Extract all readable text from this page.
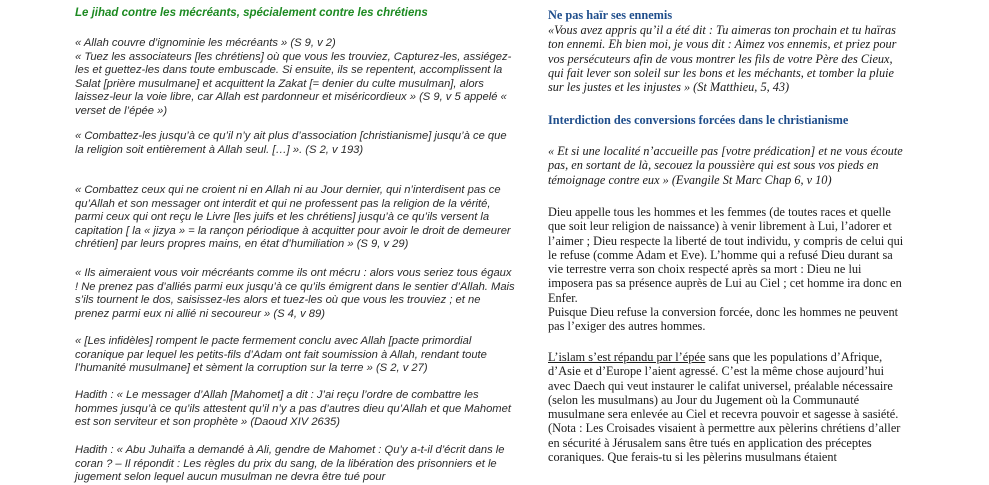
Le jihad contre les mécréants, spécialement contre les chrétiens

« Allah couvre d’ignominie les mécréants » (S 9, v 2)
« Tuez les associateurs [les chrétiens] où que vous les trouviez, Capturez-les, assiégez-les et guettez-les dans toute embuscade. Si ensuite, ils se repentent, accomplissent la Salat [prière musulmane] et acquittent la Zakat [= denier du culte musulman], alors laissez-leur la voie libre, car Allah est pardonneur et miséricordieux » (S 9, v 5 appelé « verset de l’épée »)

« Combattez-les jusqu’à ce qu’il n’y ait plus d’association [christianisme] jusqu’à ce que la religion soit entièrement à Allah seul. […] ». (S 2, v 193)

« Combattez ceux qui ne croient ni en Allah ni au Jour dernier, qui n’interdisent pas ce qu’Allah et son messager ont interdit et qui ne professent pas la religion de la vérité, parmi ceux qui ont reçu le Livre [les juifs et les chrétiens] jusqu’à ce qu’ils versent la capitation [ la « jizya » = la rançon périodique à acquitter pour avoir le droit de demeurer chrétien] par leurs propres mains, en état d’humiliation » (S 9, v 29)

« Ils aimeraient vous voir mécréants comme ils ont mécru : alors vous seriez tous égaux ! Ne prenez pas d’alliés parmi eux jusqu’à ce qu’ils émigrent dans le sentier d’Allah. Mais s’ils tournent le dos, saisissez-les alors et tuez-les où que vous les trouviez ; et ne prenez parmi eux ni allié ni secoureur » (S 4, v 89)

« [Les infidèles] rompent le pacte fermement conclu avec Allah [pacte primordial coranique par lequel les petits-fils d’Adam ont fait soumission à Allah, rendant toute l’humanité musulmane] et sèment la corruption sur la terre » (S 2, v 27)

Hadith : « Le messager d’Allah [Mahomet] a dit : J’ai reçu l’ordre de combattre les hommes jusqu’à ce qu’ils attestent qu’il n’y a pas d’autres dieu qu’Allah et que Mahomet est son serviteur et son prophète » (Daoud XIV 2635)

Hadith : « Abu Juhaïfa a demandé à Ali, gendre de Mahomet : Qu’y a-t-il d’écrit dans le coran ? – Il répondit : Les règles du prix du sang, de la libération des prisonniers et le jugement selon lequel aucun musulman ne devra être tué pour

Ne pas haïr ses ennemis

«Vous avez appris qu’il a été dit : Tu aimeras ton prochain et tu haïras ton ennemi. Eh bien moi, je vous dit : Aimez vos ennemis, et priez pour vos persécuteurs afin de vous montrer les fils de votre Père des Cieux, qui fait lever son soleil sur les bons et les méchants, et tomber la pluie sur les justes et les injustes » (St Matthieu, 5, 43)

Interdiction des conversions forcées dans le christianisme

« Et si une localité n’accueille pas [votre prédication] et ne vous écoute pas, en sortant de là, secouez la poussière qui est sous vos pieds en témoignage contre eux » (Evangile St Marc Chap 6, v 10)

Dieu appelle tous les hommes et les femmes (de toutes races et quelle que soit leur religion de naissance) à venir librement à Lui, l’adorer et l’aimer ; Dieu respecte la liberté de tout individu, y compris de celui qui le refuse (comme Adam et Eve). L’homme qui a refusé Dieu durant sa vie terrestre verra son choix respecté après sa mort : Dieu ne lui imposera pas sa présence auprès de Lui au Ciel ; cet homme ira donc en Enfer.
Puisque Dieu refuse la conversion forcée, donc les hommes ne peuvent pas l’exiger des autres hommes.

L’islam s’est répandu par l’épée sans que les populations d’Afrique, d’Asie et d’Europe l’aient agressé. C’est la même chose aujourd’hui avec Daech qui veut instaurer le califat universel, préalable nécessaire (selon les musulmans) au Jour du Jugement où la Communauté musulmane sera enlevée au Ciel et recevra pouvoir et sagesse à sasiété.
(Nota : Les Croisades visaient à permettre aux pèlerins chrétiens d’aller en sécurité à Jérusalem sans être tués en application des préceptes coraniques. Que ferais-tu si les pèlerins musulmans étaient
